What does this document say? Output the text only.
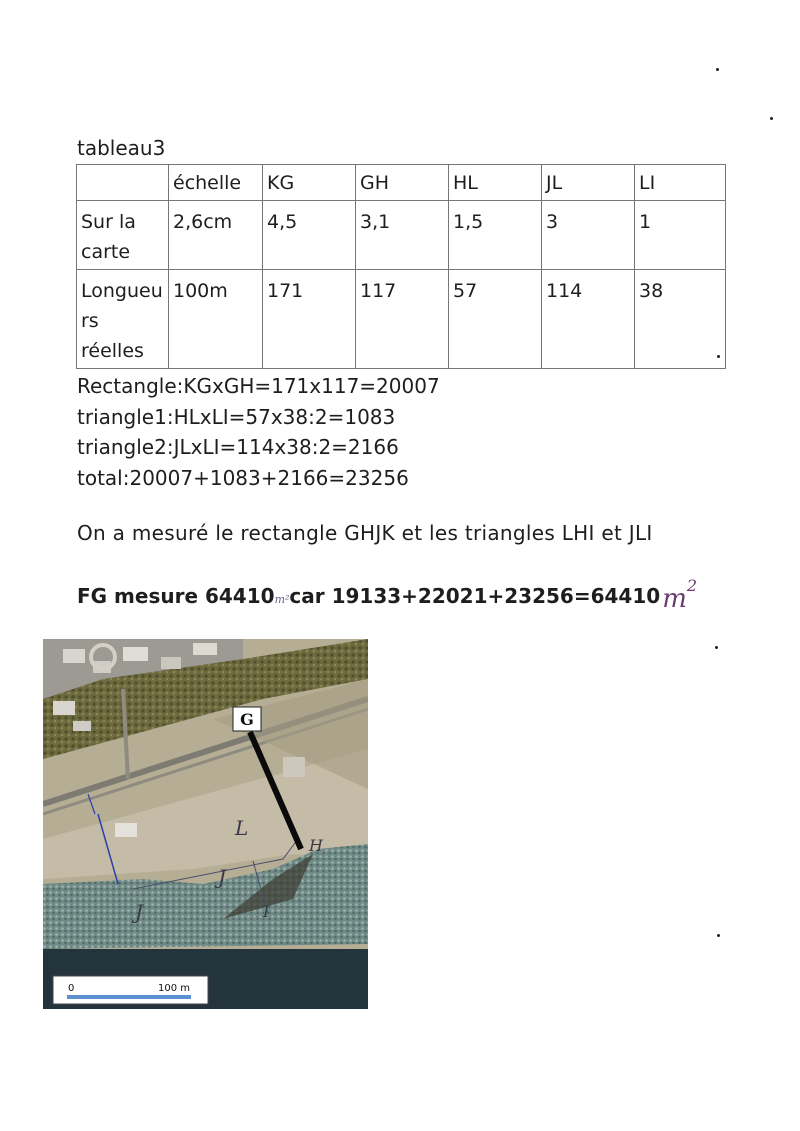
tableau3
	échelle	KG	GH	HL	JL	LI
Sur la
carte	2,6cm	4,5	3,1	1,5	3	1
Longueu
rs
réelles	100m	171	117	57	114	38
Rectangle:KGxGH=171x117=20007
triangle1:HLxLI=57x38:2=1083
triangle2:JLxLI=114x38:2=2166
total:20007+1083+2166=23256
On a mesuré le rectangle GHJK et les triangles LHI et JLI
FG mesure 64410m²car $19133+22021+23256=64410m^2$
G
L
H
J
I
J
0	100 m
